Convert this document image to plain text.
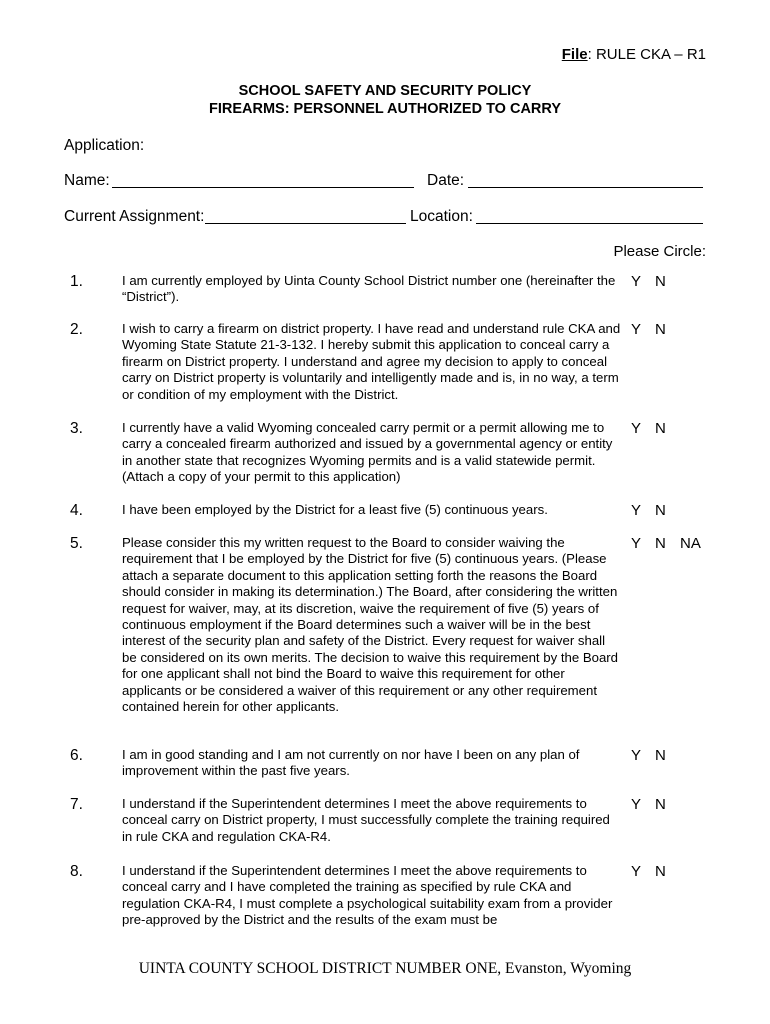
File: RULE CKA – R1
SCHOOL SAFETY AND SECURITY POLICY
FIREARMS: PERSONNEL AUTHORIZED TO CARRY
Application:
Name:	Date:
Current Assignment:	Location:
Please Circle:
1.	I am currently employed by Uinta County School District number one (hereinafter the “District”).
Y N
2.	I wish to carry a firearm on district property. I have read and understand rule CKA and Wyoming State Statute 21-3-132. I hereby submit this application to conceal carry a firearm on District property. I understand and agree my decision to apply to conceal carry on District property is voluntarily and intelligently made and is, in no way, a term or condition of my employment with the District.
Y N
3.	I currently have a valid Wyoming concealed carry permit or a permit allowing me to carry a concealed firearm authorized and issued by a governmental agency or entity in another state that recognizes Wyoming permits and is a valid statewide permit. (Attach a copy of your permit to this application)
Y N
4.	I have been employed by the District for a least five (5) continuous years.	Y N
5.	Please consider this my written request to the Board to consider waiving the requirement that I be employed by the District for five (5) continuous years. (Please attach a separate document to this application setting forth the reasons the Board should consider in making its determination.) The Board, after considering the written request for waiver, may, at its discretion, waive the requirement of five (5) years of continuous employment if the Board determines such a waiver will be in the best interest of the security plan and safety of the District. Every request for waiver shall be considered on its own merits. The decision to waive this requirement by the Board for one applicant shall not bind the Board to waive this requirement for other applicants or be considered a waiver of this requirement or any other requirement contained herein for other applicants.
Y N NA
6.	I am in good standing and I am not currently on nor have I been on any plan of improvement within the past five years.
Y N
7.	I understand if the Superintendent determines I meet the above requirements to conceal carry on District property, I must successfully complete the training required in rule CKA and regulation CKA-R4.
Y N
8.	I understand if the Superintendent determines I meet the above requirements to conceal carry and I have completed the training as specified by rule CKA and regulation CKA-R4, I must complete a psychological suitability exam from a provider pre-approved by the District and the results of the exam must be
Y N
UINTA COUNTY SCHOOL DISTRICT NUMBER ONE, Evanston, Wyoming
